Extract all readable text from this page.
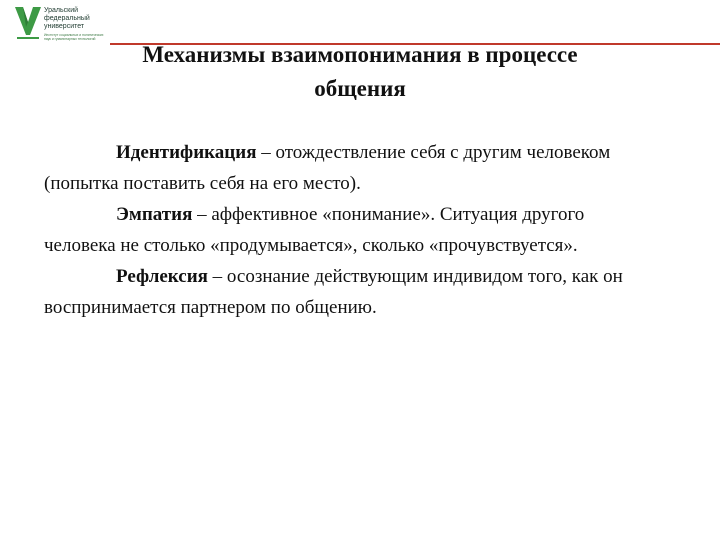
Уральский
федеральный
университет
Институт социальных и политических
наук и гуманитарных технологий
Механизмы взаимопонимания в процессе
общения

Идентификация – отождествление себя с другим человеком (попытка поставить себя на его место).

Эмпатия – аффективное «понимание». Ситуация другого человека не столько «продумывается», сколько «прочувствуется».

Рефлексия – осознание действующим индивидом того, как он воспринимается партнером по общению.
